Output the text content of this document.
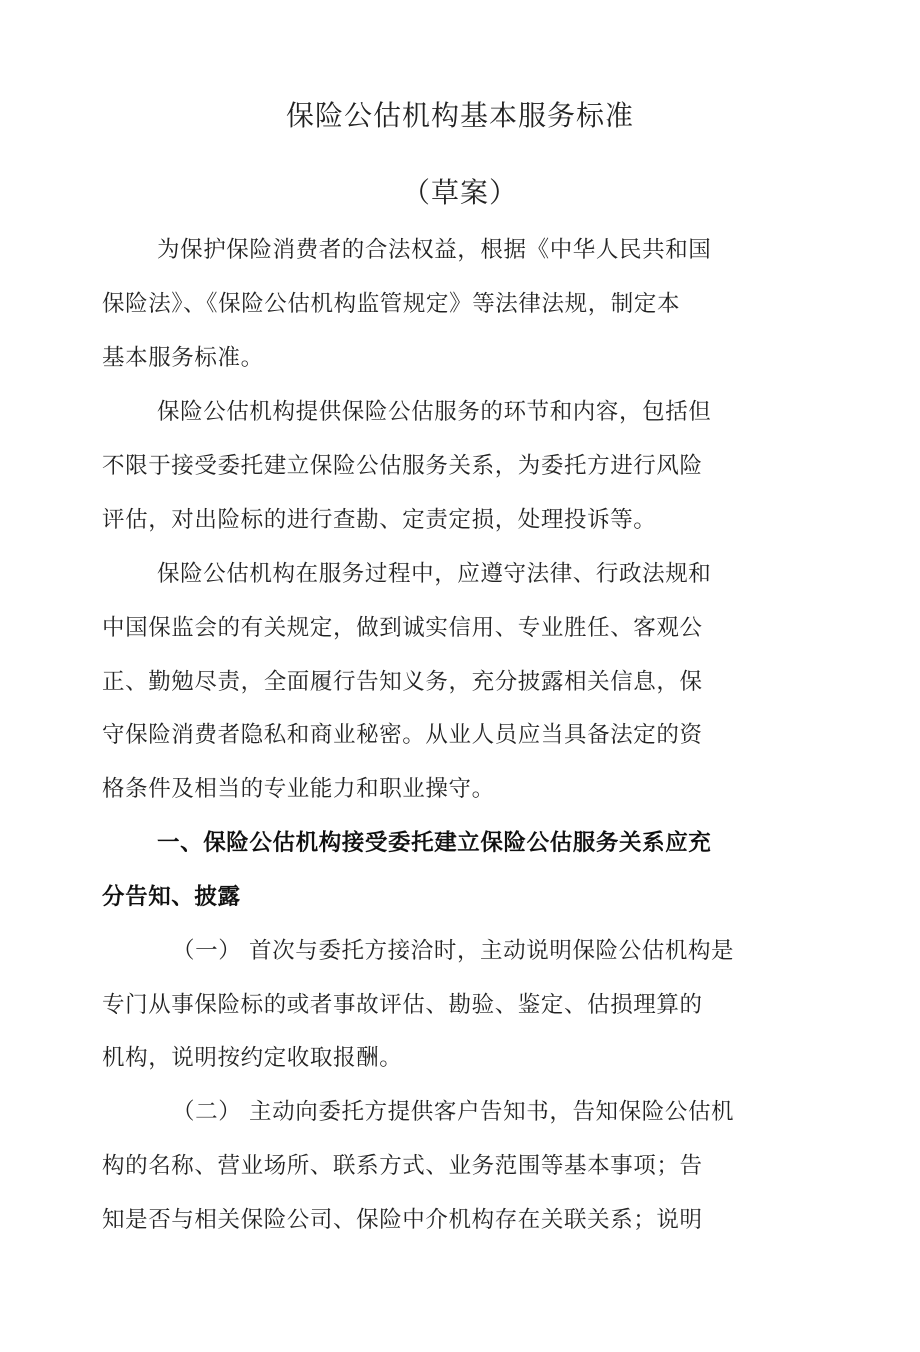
保险公估机构基本服务标准
（草案）
为保护保险消费者的合法权益，根据《中华人民共和国
保险法》、《保险公估机构监管规定》等法律法规，制定本
基本服务标准。
保险公估机构提供保险公估服务的环节和内容，包括但
不限于接受委托建立保险公估服务关系，为委托方进行风险
评估，对出险标的进行查勘、定责定损，处理投诉等。
保险公估机构在服务过程中，应遵守法律、行政法规和
中国保监会的有关规定，做到诚实信用、专业胜任、客观公
正、勤勉尽责，全面履行告知义务，充分披露相关信息，保
守保险消费者隐私和商业秘密。从业人员应当具备法定的资
格条件及相当的专业能力和职业操守。
一、保险公估机构接受委托建立保险公估服务关系应充
分告知、披露
（一） 首次与委托方接洽时，主动说明保险公估机构是
专门从事保险标的或者事故评估、勘验、鉴定、估损理算的
机构，说明按约定收取报酬。
（二） 主动向委托方提供客户告知书，告知保险公估机
构的名称、营业场所、联系方式、业务范围等基本事项；告
知是否与相关保险公司、保险中介机构存在关联关系；说明
